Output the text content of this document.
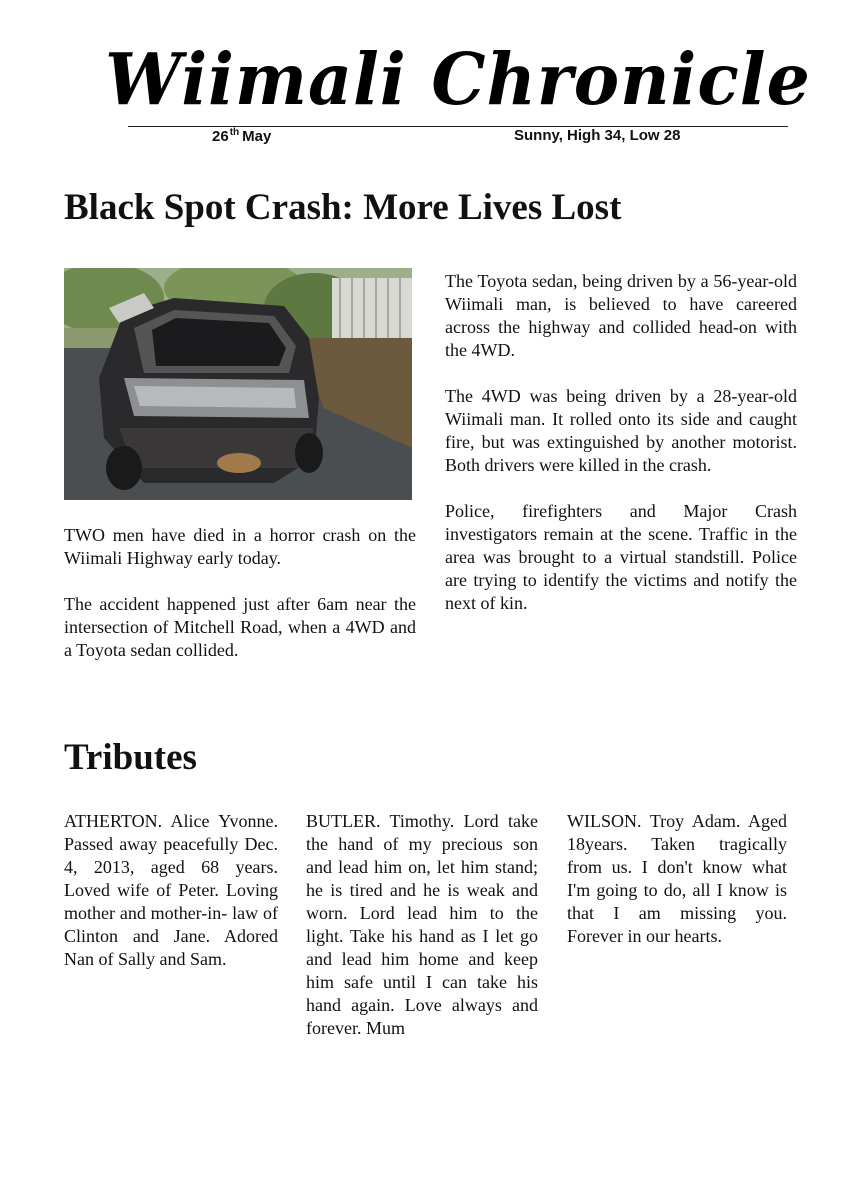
Wiimali Chronicle
26th May	Sunny, High 34, Low 28
Black Spot Crash: More Lives Lost

TWO men have died in a horror crash on the Wiimali Highway early today.

The accident happened just after 6am near the intersection of Mitchell Road, when a 4WD and a Toyota sedan collided.

The Toyota sedan, being driven by a 56-year-old Wiimali man, is believed to have careered across the highway and collided head-on with the 4WD.

The 4WD was being driven by a 28-year-old Wiimali man. It rolled onto its side and caught fire, but was extinguished by another motorist. Both drivers were killed in the crash.

Police, firefighters and Major Crash investigators remain at the scene. Traffic in the area was brought to a virtual standstill. Police are trying to identify the victims and notify the next of kin.

Tributes

ATHERTON. Alice Yvonne. Passed away peacefully Dec. 4, 2013, aged 68 years. Loved wife of Peter. Loving mother and mother-in- law of Clinton and Jane. Adored Nan of Sally and Sam.

BUTLER. Timothy. Lord take the hand of my precious son and lead him on, let him stand; he is tired and he is weak and worn. Lord lead him to the light. Take his hand as I let go and lead him home and keep him safe until I can take his hand again. Love always and forever. Mum

WILSON. Troy Adam. Aged 18years. Taken tragically from us. I don't know what I'm going to do, all I know is that I am missing you. Forever in our hearts.
